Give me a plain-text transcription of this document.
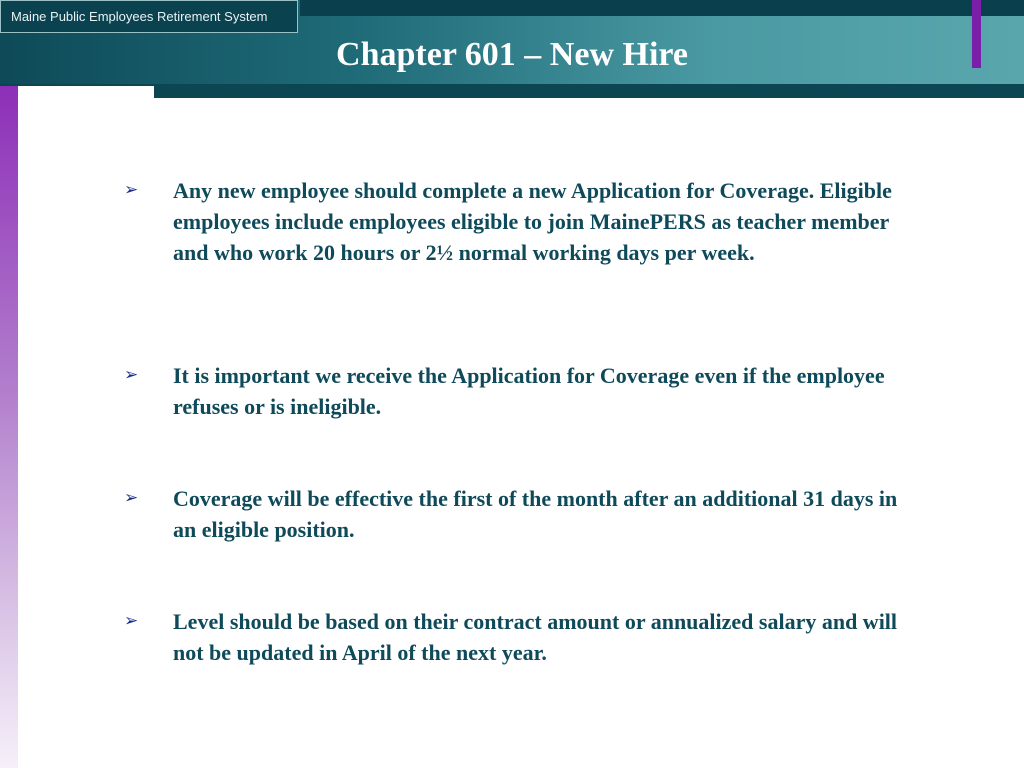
Maine Public Employees Retirement System
Chapter 601 – New Hire
➢	Any new employee should complete a new Application for Coverage. Eligible employees include employees eligible to join MainePERS as teacher member and who work 20 hours or 2½ normal working days per week.
➢	It is important we receive the Application for Coverage even if the employee refuses or is ineligible.
➢	Coverage will be effective the first of the month after an additional 31 days in an eligible position.
➢	Level should be based on their contract amount or annualized salary and will not be updated in April of the next year.
